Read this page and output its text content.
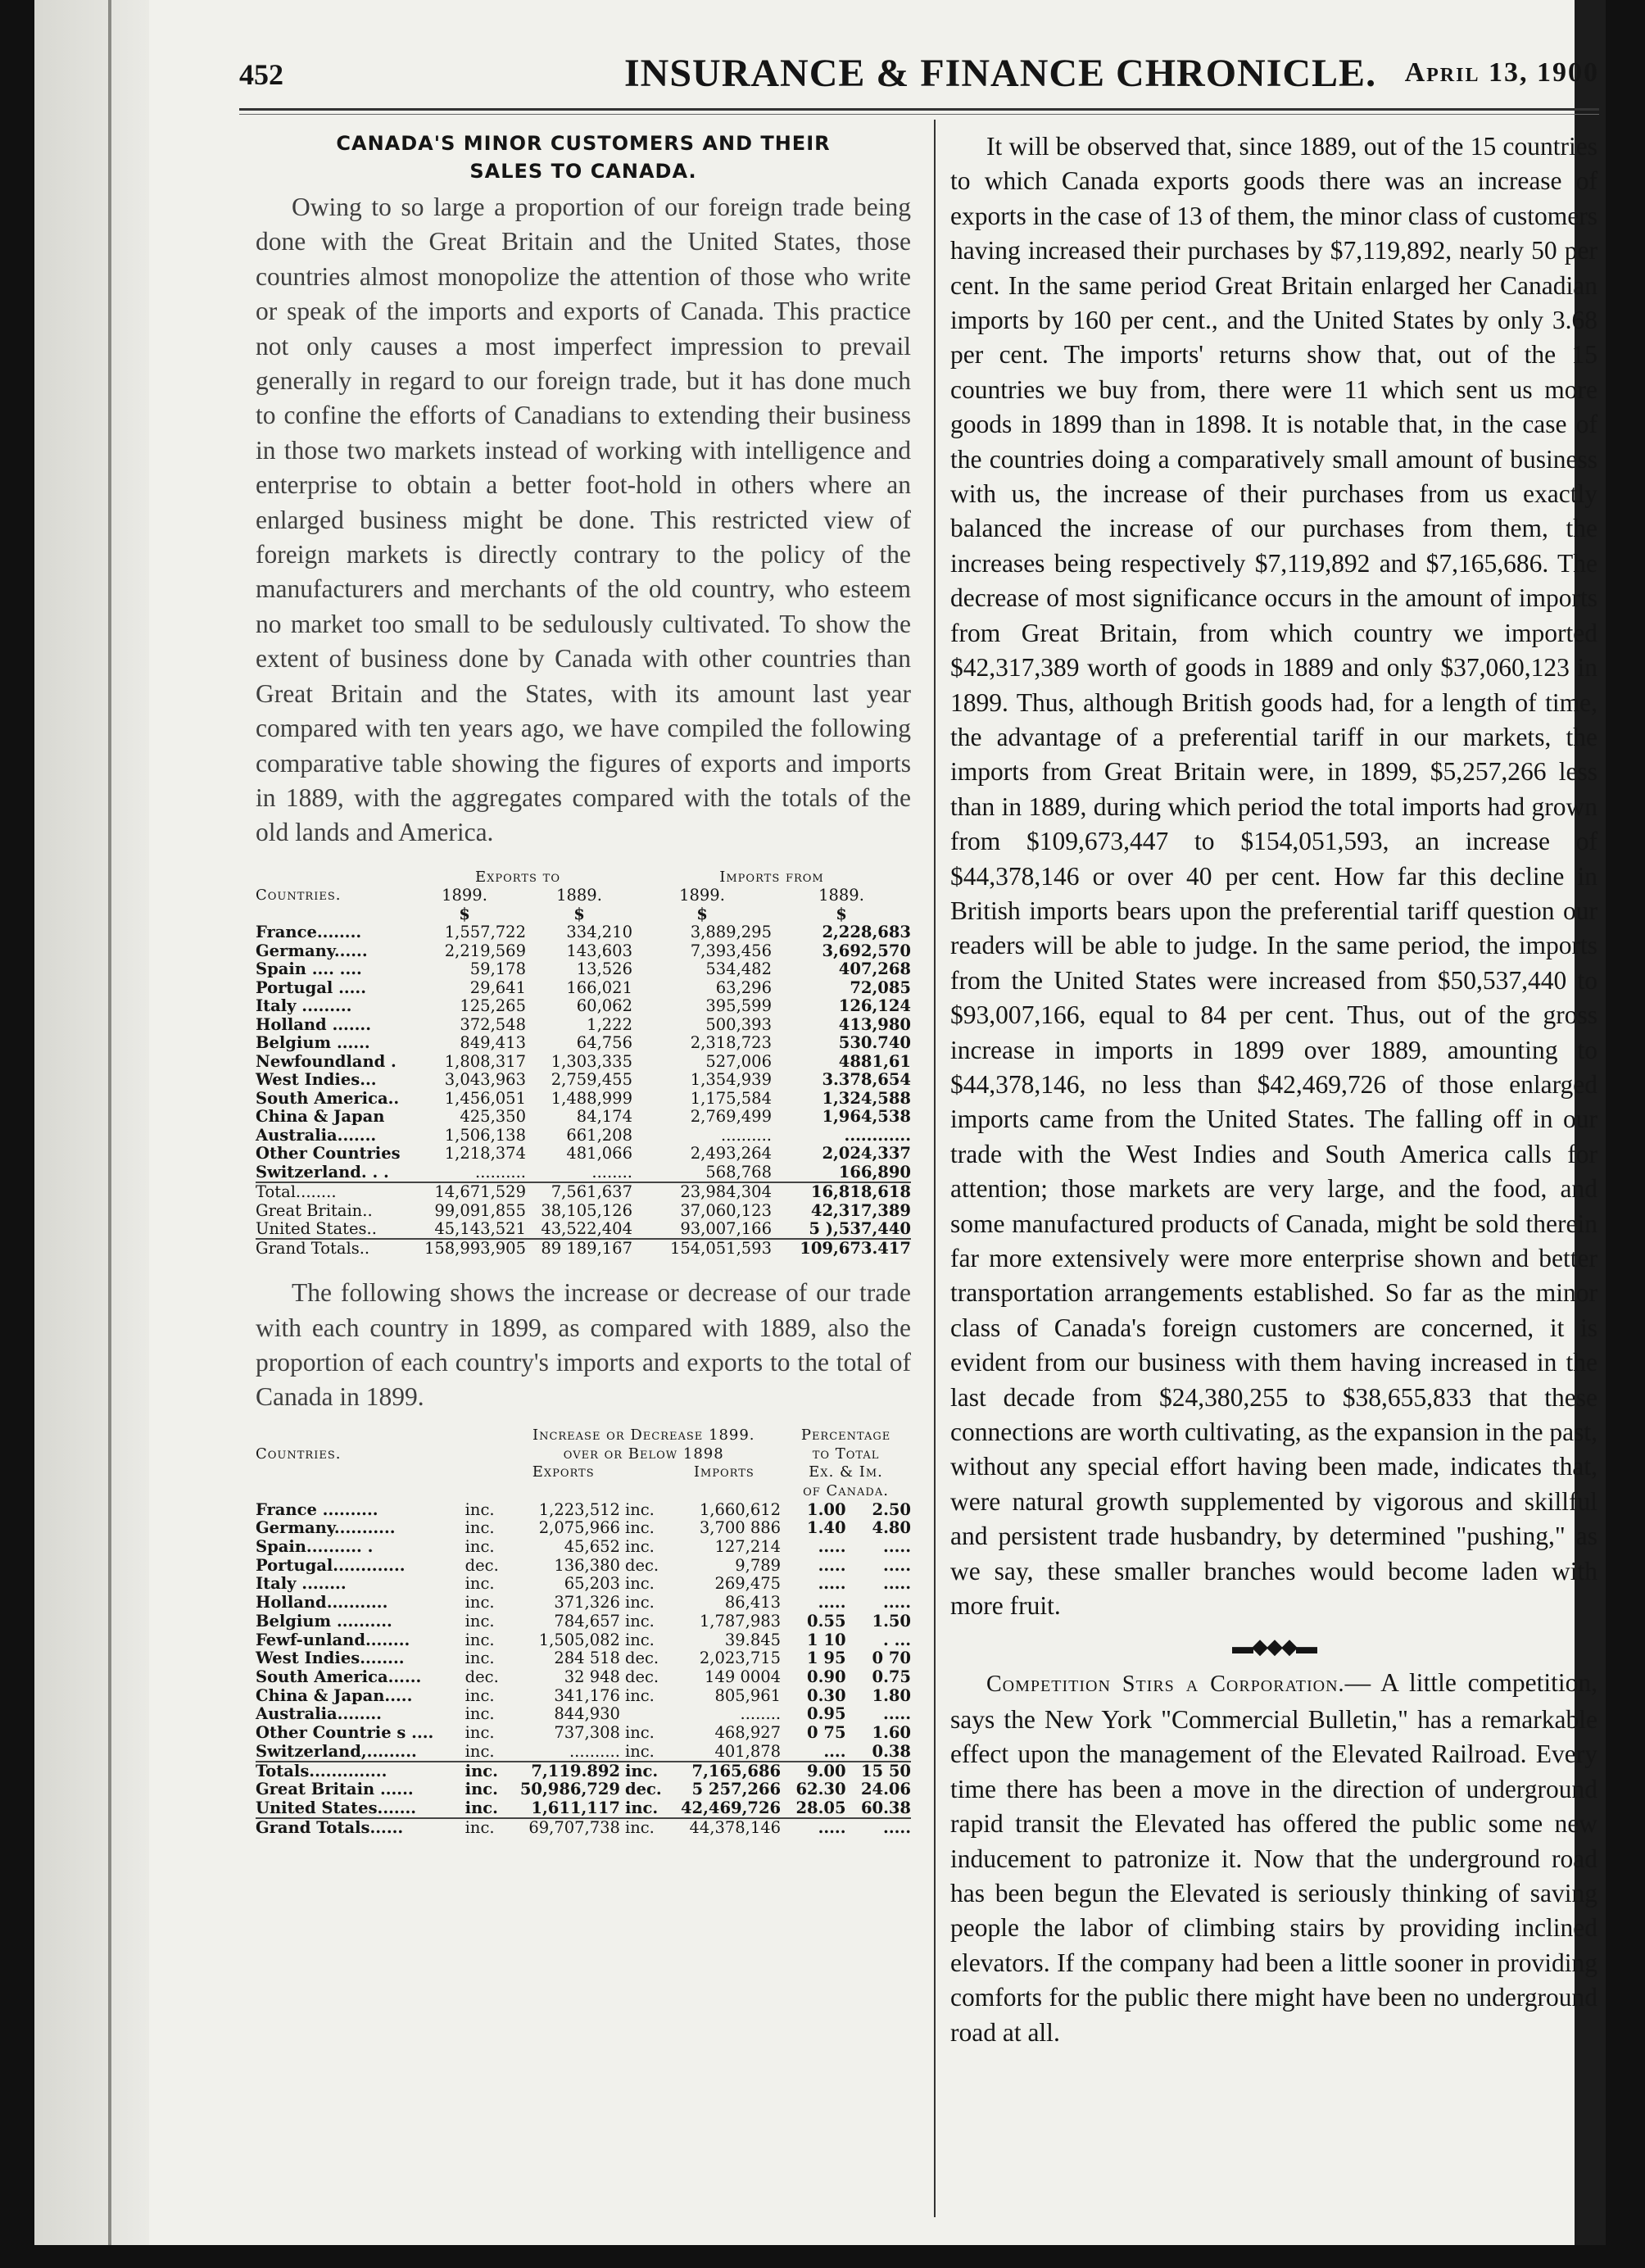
452	INSURANCE & FINANCE CHRONICLE. April 13, 1900
CANADA'S MINOR CUSTOMERS AND THEIR
SALES TO CANADA.

Owing to so large a proportion of our foreign trade being done with the Great Britain and the United States, those countries almost monopolize the attention of those who write or speak of the imports and exports of Canada. This practice not only causes a most imperfect impression to prevail generally in regard to our foreign trade, but it has done much to confine the efforts of Canadians to extending their business in those two markets instead of working with intelligence and enterprise to obtain a better foot-hold in others where an enlarged business might be done. This restricted view of foreign markets is directly contrary to the policy of the manufacturers and merchants of the old country, who esteem no market too small to be sedulously cultivated. To show the extent of business done by Canada with other countries than Great Britain and the States, with its amount last year compared with ten years ago, we have compiled the following comparative table showing the figures of exports and imports in 1889, with the aggregates compared with the totals of the old lands and America.

	Exports to		Imports from	
Countries.	1899.	1889.	1899.	1889.
	$	$	$	$
France........	1,557,722	334,210	3,889,295	2,228,683
Germany......	2,219,569	143,603	7,393,456	3,692,570
Spain .... ....	59,178	13,526	534,482	407,268
Portugal .....	29,641	166,021	63,296	72,085
Italy .........	125,265	60,062	395,599	126,124
Holland .......	372,548	1,222	500,393	413,980
Belgium ......	849,413	64,756	2,318,723	530.740
Newfoundland .	1,808,317	1,303,335	527,006	4881,61
West Indies...	3,043,963	2,759,455	1,354,939	3.378,654
South America..	1,456,051	1,488,999	1,175,584	1,324,588
China & Japan	425,350	84,174	2,769,499	1,964,538
Australia.......	1,506,138	661,208	..........	............
Other Countries	1,218,374	481,066	2,493,264	2,024,337
Switzerland. . .	..........	........	568,768	166,890
Total........	14,671,529	7,561,637	23,984,304	16,818,618
Great Britain..	99,091,855	38,105,126	37,060,123	42,317,389
United States..	45,143,521	43,522,404	93,007,166	5 ),537,440

Grand Totals..	158,993,905	89 189,167	154,051,593	109,673.417

The following shows the increase or decrease of our trade with each country in 1899, as compared with 1889, also the proportion of each country's imports and exports to the total of Canada in 1899.

		Increase or Decrease 1899.			Percentage	
Countries.		over or Below 1898			to Total	
		Exports		Imports	Ex. & Im.	
					of Canada.	
France ..........	inc.	1,223,512	inc.	1,660,612	1.00	2.50
Germany...........	inc.	2,075,966	inc.	3,700 886	1.40	4.80
Spain.......... .	inc.	45,652	inc.	127,214	.....	.....
Portugal.............	dec.	136,380	dec.	9,789	.....	.....
Italy ........	inc.	65,203	inc.	269,475	.....	.....
Holland...........	inc.	371,326	inc.	86,413	.....	.....
Belgium ..........	inc.	784,657	inc.	1,787,983	0.55	1.50
Fewf-unland........	inc.	1,505,082	inc.	39.845	1 10	. ...
West Indies........	inc.	284 518	dec.	2,023,715	1 95	0 70
South America......	dec.	32 948	dec.	149 0004	0.90	0.75
China & Japan.....	inc.	341,176	inc.	805,961	0.30	1.80
Australia........	inc.	844,930		........	0.95	.....
Other Countrie s ....	inc.	737,308	inc.	468,927	0 75	1.60
Switzerland,.........	inc.	..........	inc.	401,878	....	0.38

Totals..............	inc.	7,119.892	inc.	7,165,686	9.00	15 50
Great Britain ......	inc.	50,986,729	dec.	5 257,266	62.30	24.06
United States.......	inc.	1,611,117	inc.	42,469,726	28.05	60.38

Grand Totals......	inc.	69,707,738	inc.	44,378,146	.....	.....

It will be observed that, since 1889, out of the 15 countries to which Canada exports goods there was an increase of exports in the case of 13 of them, the minor class of customers having increased their purchases by $7,119,892, nearly 50 per cent. In the same period Great Britain enlarged her Canadian imports by 160 per cent., and the United States by only 3.68 per cent. The imports' returns show that, out of the 15 countries we buy from, there were 11 which sent us more goods in 1899 than in 1898. It is notable that, in the case of the countries doing a comparatively small amount of business with us, the increase of their purchases from us exactly balanced the increase of our purchases from them, the increases being respectively $7,119,892 and $7,165,686. The decrease of most significance occurs in the amount of imports from Great Britain, from which country we imported $42,317,389 worth of goods in 1889 and only $37,060,123 in 1899. Thus, although British goods had, for a length of time, the advantage of a preferential tariff in our markets, the imports from Great Britain were, in 1899, $5,257,266 less than in 1889, during which period the total imports had grown from $109,673,447 to $154,051,593, an increase of $44,378,146 or over 40 per cent. How far this decline in British imports bears upon the preferential tariff question our readers will be able to judge. In the same period, the imports from the United States were increased from $50,537,440 to $93,007,166, equal to 84 per cent. Thus, out of the gross increase in imports in 1899 over 1889, amounting to $44,378,146, no less than $42,469,726 of those enlarged imports came from the United States. The falling off in our trade with the West Indies and South America calls for attention; those markets are very large, and the food, and some manufactured products of Canada, might be sold therein far more extensively were more enterprise shown and better transportation arrangements established. So far as the minor class of Canada's foreign customers are concerned, it is evident from our business with them having increased in the last decade from $24,380,255 to $38,655,833 that these connections are worth cultivating, as the expansion in the past, without any special effort having been made, indicates that, were natural growth supplemented by vigorous and skillful and persistent trade husbandry, by determined "pushing," as we say, these smaller branches would become laden with more fruit.

▬◆◆◆▬

Competition Stirs a Corporation.— A little competition, says the New York "Commercial Bulletin," has a remarkable effect upon the management of the Elevated Railroad. Every time there has been a move in the direction of underground rapid transit the Elevated has offered the public some new inducement to patronize it. Now that the underground road has been begun the Elevated is seriously thinking of saving people the labor of climbing stairs by providing inclined elevators. If the company had been a little sooner in providing comforts for the public there might have been no underground road at all.
